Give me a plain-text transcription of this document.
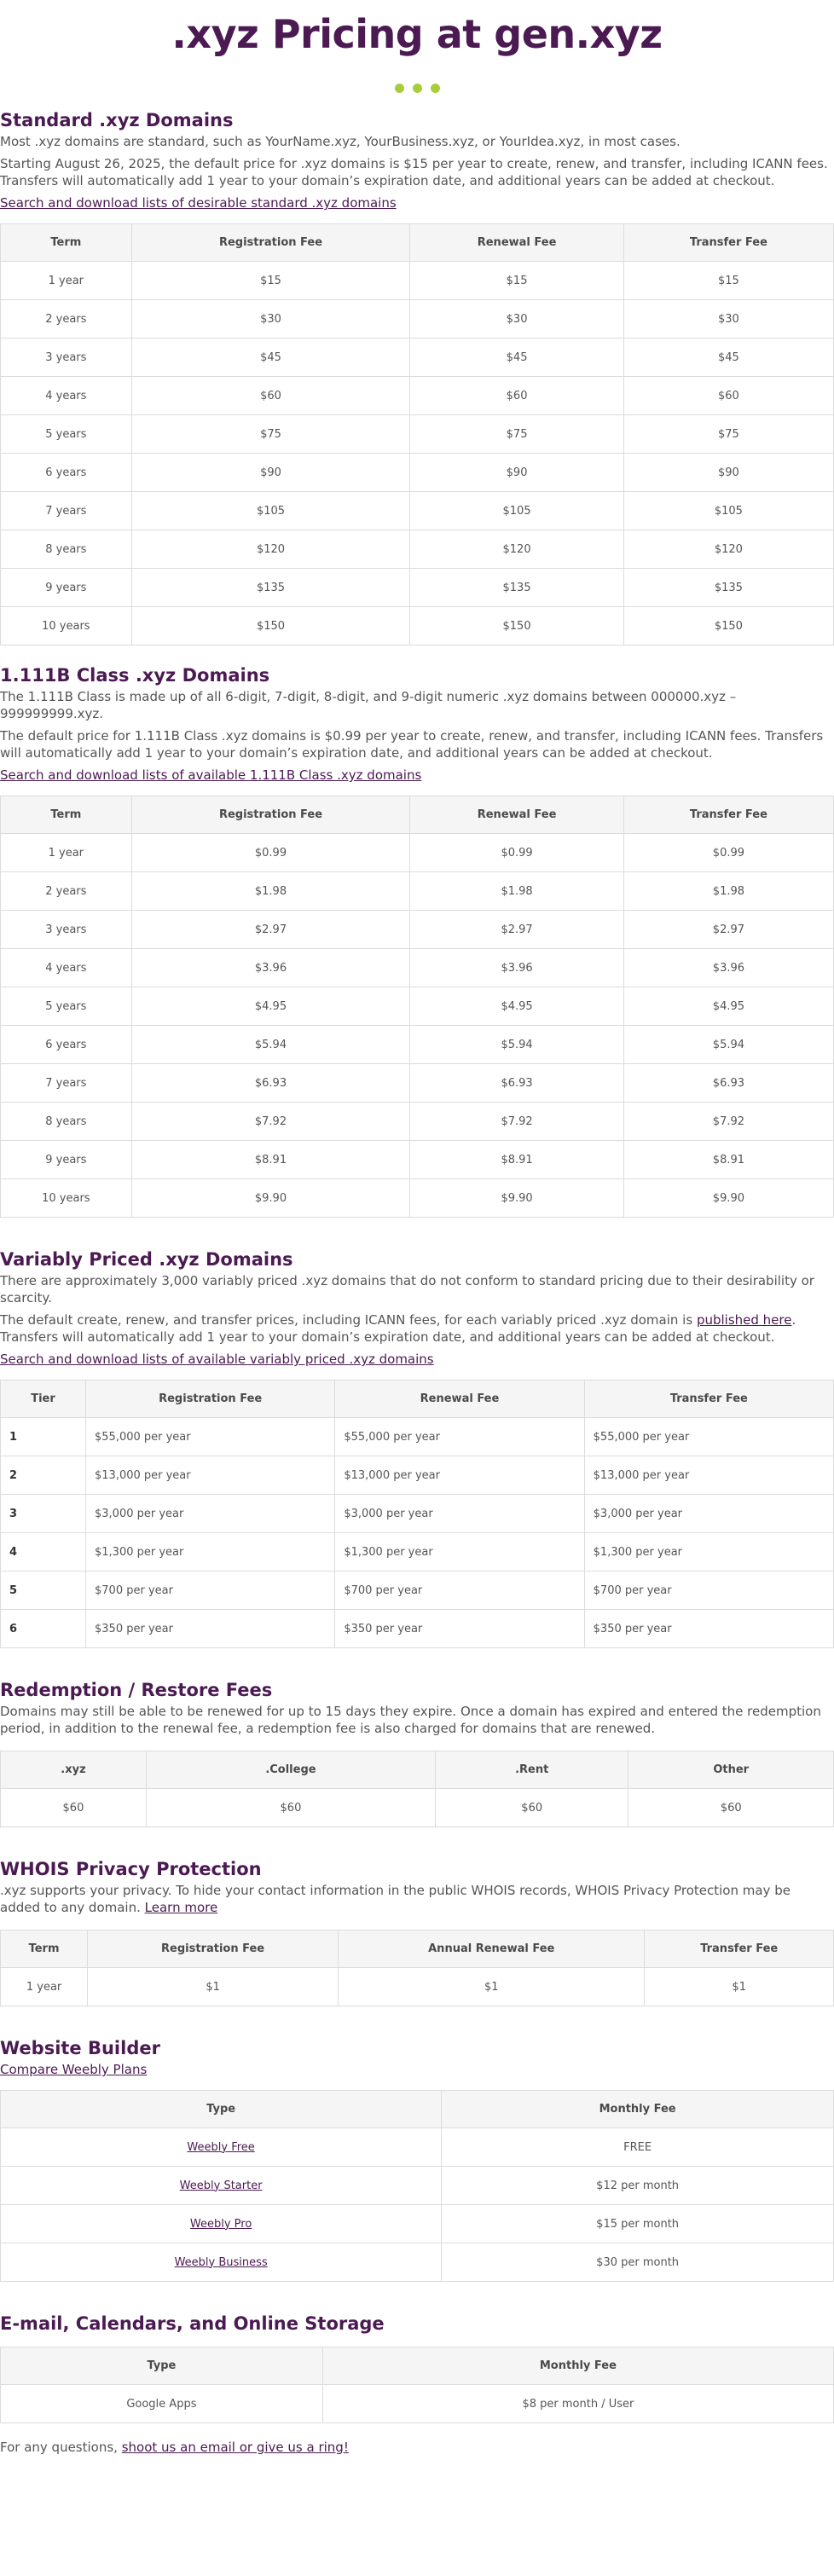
.xyz Pricing at gen.xyz
Standard .xyz Domains

Most .xyz domains are standard, such as YourName.xyz, YourBusiness.xyz, or YourIdea.xyz, in most cases.

Starting August 26, 2025, the default price for .xyz domains is $15 per year to create, renew, and transfer, including ICANN fees. Transfers will automatically add 1 year to your domain’s expiration date, and additional years can be added at checkout.

Search and download lists of desirable standard .xyz domains

Term	Registration Fee	Renewal Fee	Transfer Fee
1 year	$15	$15	$15
2 years	$30	$30	$30
3 years	$45	$45	$45
4 years	$60	$60	$60
5 years	$75	$75	$75
6 years	$90	$90	$90
7 years	$105	$105	$105
8 years	$120	$120	$120
9 years	$135	$135	$135
10 years	$150	$150	$150
1.111B Class .xyz Domains

The 1.111B Class is made up of all 6-digit, 7-digit, 8-digit, and 9-digit numeric .xyz domains between 000000.xyz – 999999999.xyz.

The default price for 1.111B Class .xyz domains is $0.99 per year to create, renew, and transfer, including ICANN fees. Transfers will automatically add 1 year to your domain’s expiration date, and additional years can be added at checkout.

Search and download lists of available 1.111B Class .xyz domains

Term	Registration Fee	Renewal Fee	Transfer Fee
1 year	$0.99	$0.99	$0.99
2 years	$1.98	$1.98	$1.98
3 years	$2.97	$2.97	$2.97
4 years	$3.96	$3.96	$3.96
5 years	$4.95	$4.95	$4.95
6 years	$5.94	$5.94	$5.94
7 years	$6.93	$6.93	$6.93
8 years	$7.92	$7.92	$7.92
9 years	$8.91	$8.91	$8.91
10 years	$9.90	$9.90	$9.90
Variably Priced .xyz Domains

There are approximately 3,000 variably priced .xyz domains that do not conform to standard pricing due to their desirability or scarcity.

The default create, renew, and transfer prices, including ICANN fees, for each variably priced .xyz domain is published here. Transfers will automatically add 1 year to your domain’s expiration date, and additional years can be added at checkout.

Search and download lists of available variably priced .xyz domains

Tier	Registration Fee	Renewal Fee	Transfer Fee
1	$55,000 per year	$55,000 per year	$55,000 per year
2	$13,000 per year	$13,000 per year	$13,000 per year
3	$3,000 per year	$3,000 per year	$3,000 per year
4	$1,300 per year	$1,300 per year	$1,300 per year
5	$700 per year	$700 per year	$700 per year
6	$350 per year	$350 per year	$350 per year
Redemption / Restore Fees

Domains may still be able to be renewed for up to 15 days they expire. Once a domain has expired and entered the redemption period, in addition to the renewal fee, a redemption fee is also charged for domains that are renewed.

.xyz	.College	.Rent	Other
$60	$60	$60	$60
WHOIS Privacy Protection

.xyz supports your privacy. To hide your contact information in the public WHOIS records, WHOIS Privacy Protection may be added to any domain. Learn more

Term	Registration Fee	Annual Renewal Fee	Transfer Fee
1 year	$1	$1	$1
Website Builder

Compare Weebly Plans

Type	Monthly Fee
Weebly Free	FREE
Weebly Starter	$12 per month
Weebly Pro	$15 per month
Weebly Business	$30 per month
E-mail, Calendars, and Online Storage
Type	Monthly Fee
Google Apps	$8 per month / User

For any questions, shoot us an email or give us a ring!
